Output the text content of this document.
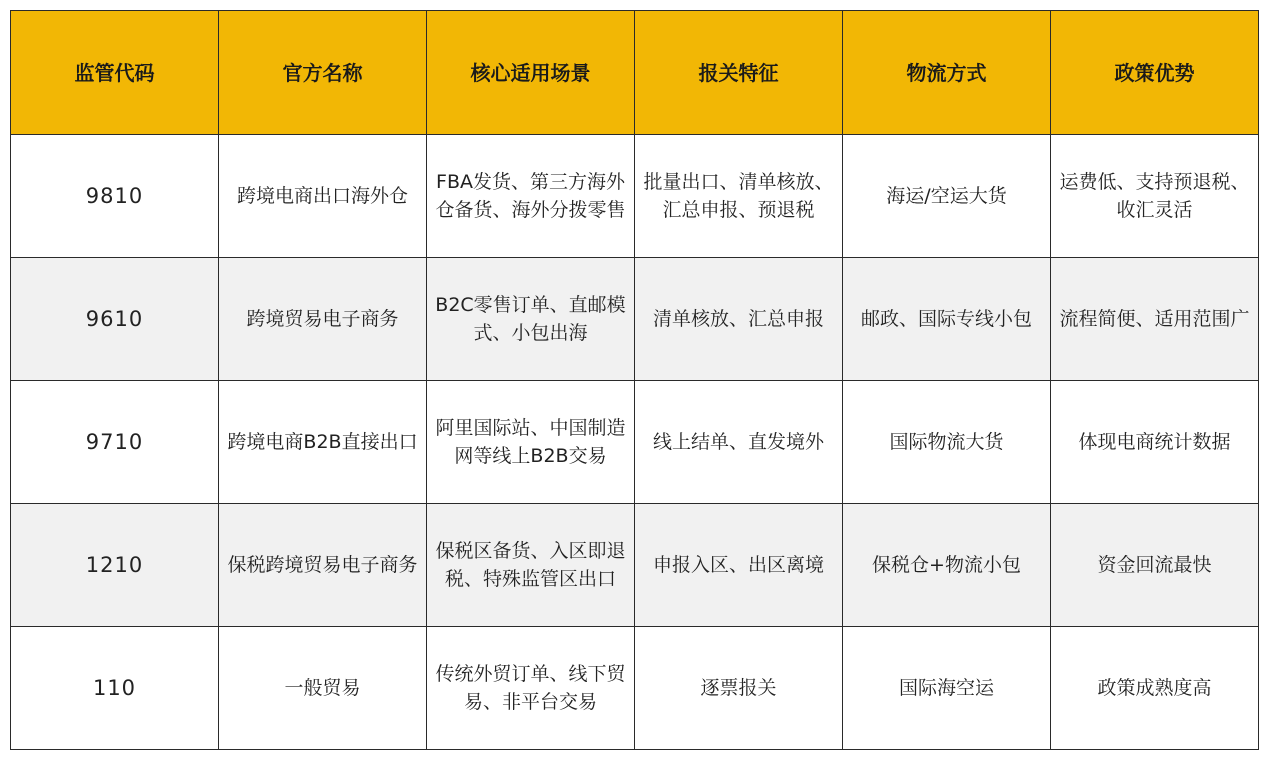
监管代码	官方名称	核心适用场景	报关特征	物流方式	政策优势
9810	跨境电商出口海外仓	FBA发货、第三方海外仓备货、海外分拨零售	批量出口、清单核放、汇总申报、预退税	海运/空运大货	运费低、支持预退税、收汇灵活
9610	跨境贸易电子商务	B2C零售订单、直邮模式、小包出海	清单核放、汇总申报	邮政、国际专线小包	流程简便、适用范围广
9710	跨境电商B2B直接出口	阿里国际站、中国制造网等线上B2B交易	线上结单、直发境外	国际物流大货	体现电商统计数据
1210	保税跨境贸易电子商务	保税区备货、入区即退税、特殊监管区出口	申报入区、出区离境	保税仓+物流小包	资金回流最快
110	一般贸易	传统外贸订单、线下贸易、非平台交易	逐票报关	国际海空运	政策成熟度高
